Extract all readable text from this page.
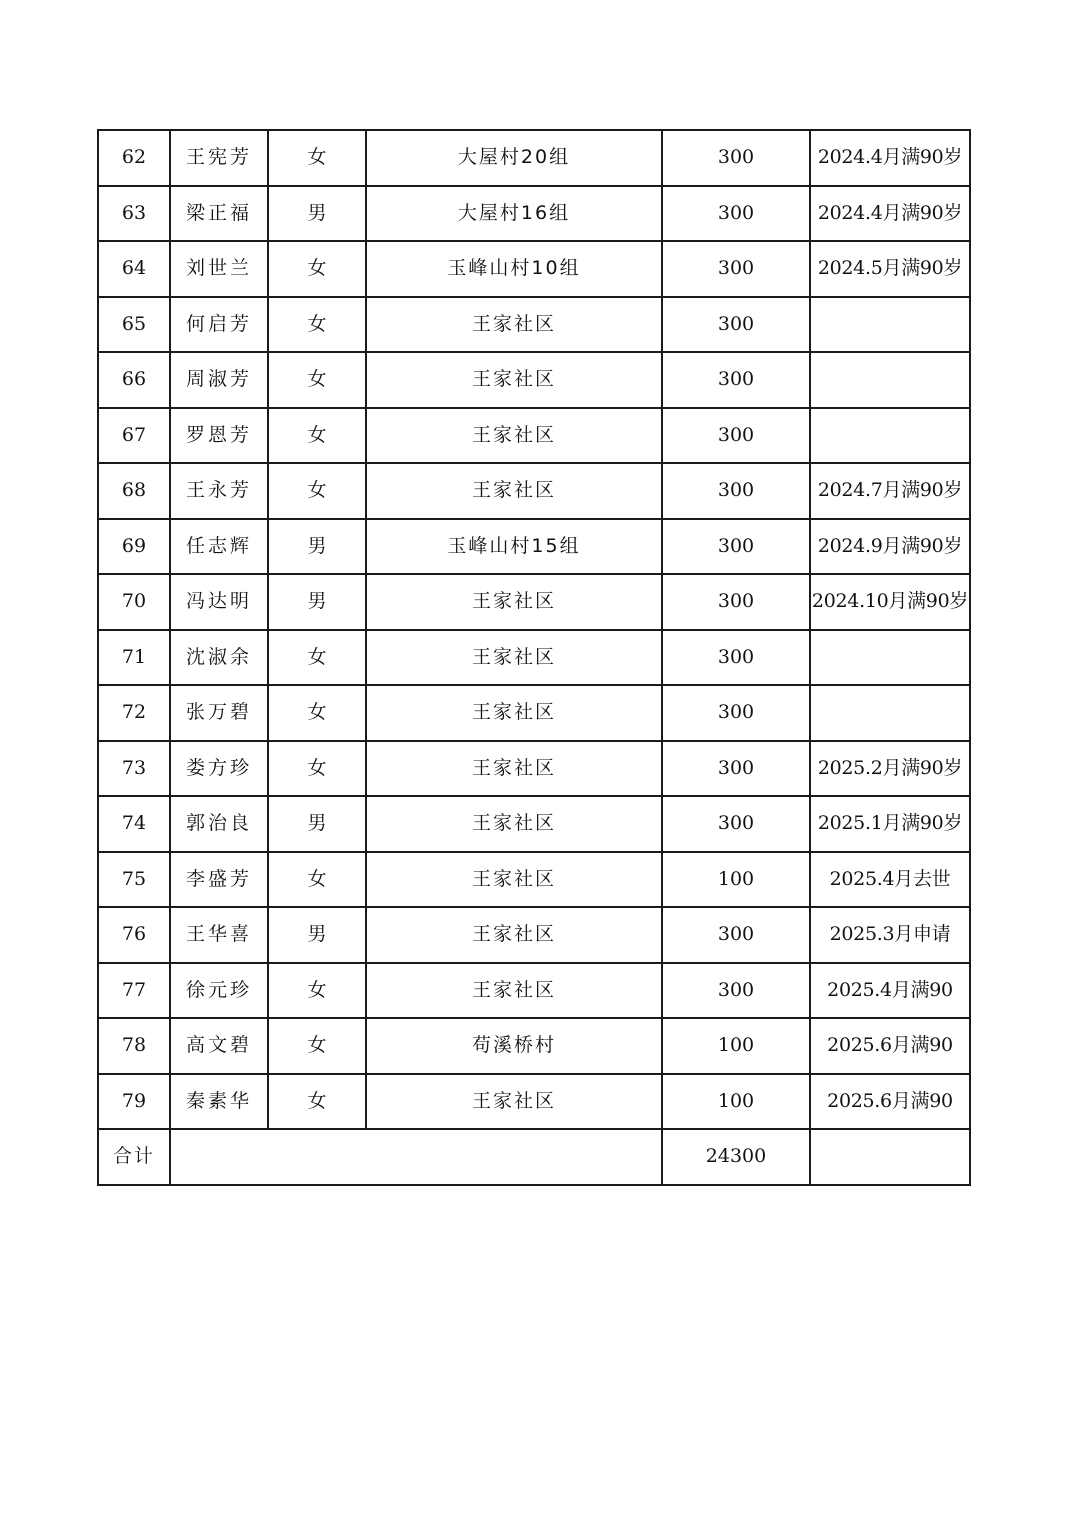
62	王宪芳	女	大屋村20组	300	2024.4月满90岁
63	梁正福	男	大屋村16组	300	2024.4月满90岁
64	刘世兰	女	玉峰山村10组	300	2024.5月满90岁
65	何启芳	女	王家社区	300	
66	周淑芳	女	王家社区	300	
67	罗恩芳	女	王家社区	300	
68	王永芳	女	王家社区	300	2024.7月满90岁
69	任志辉	男	玉峰山村15组	300	2024.9月满90岁
70	冯达明	男	王家社区	300	2024.10月满90岁
71	沈淑余	女	王家社区	300	
72	张万碧	女	王家社区	300	
73	娄方珍	女	王家社区	300	2025.2月满90岁
74	郭治良	男	王家社区	300	2025.1月满90岁
75	李盛芳	女	王家社区	100	2025.4月去世
76	王华喜	男	王家社区	300	2025.3月申请
77	徐元珍	女	王家社区	300	2025.4月满90
78	高文碧	女	苟溪桥村	100	2025.6月满90
79	秦素华	女	王家社区	100	2025.6月满90
合计				24300	
